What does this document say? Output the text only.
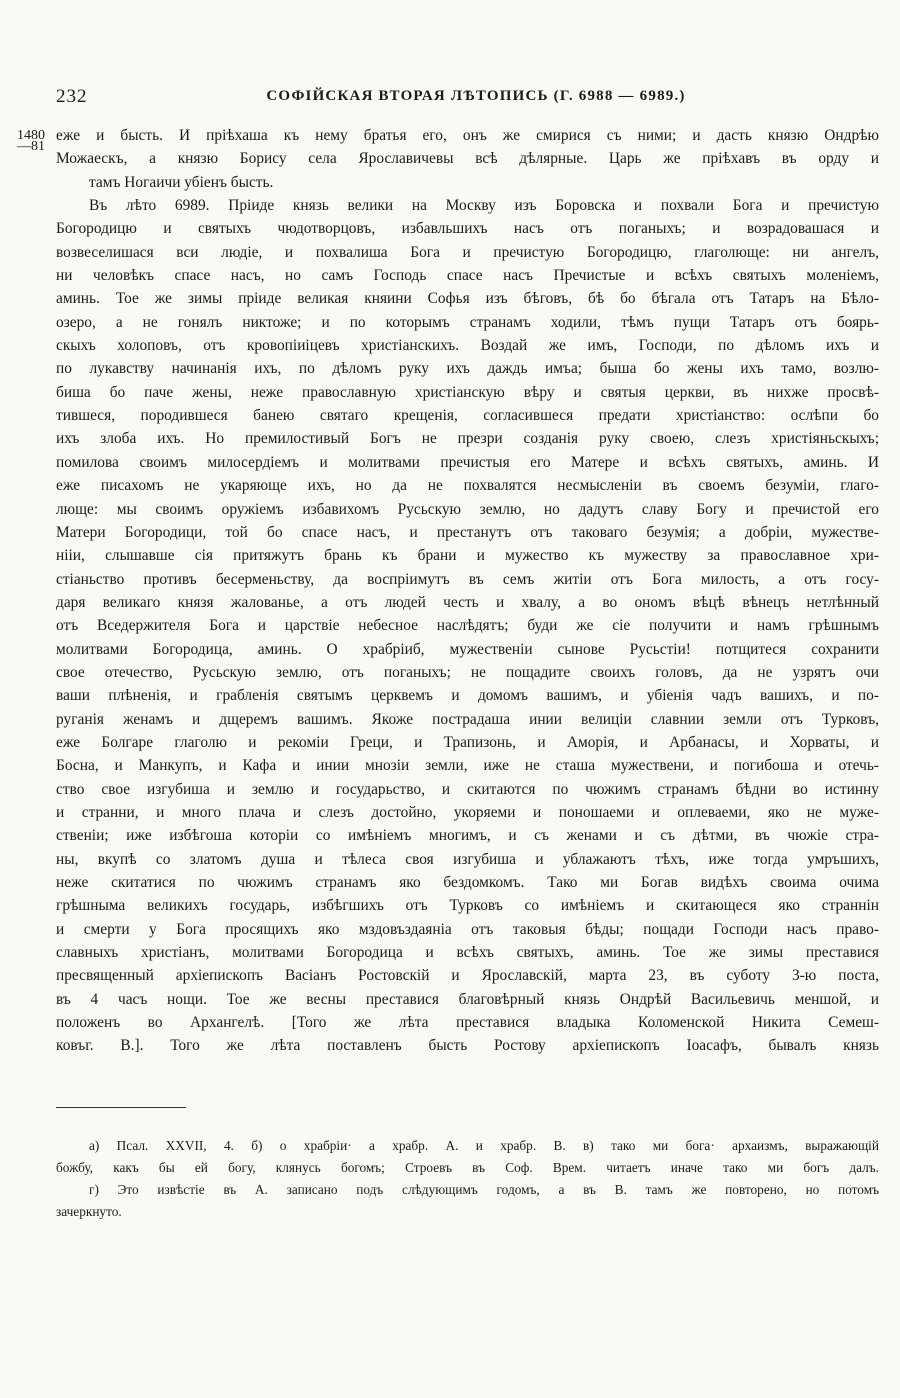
232	СОФІЙСКАЯ ВТОРАЯ ЛѢТОПИСЬ (Г. 6988 — 6989.)
1480 еже и бысть. И пріѣхаша къ нему братья его, онъ же смирися съ ними; и дасть князю Ондрѣю
—81
Можаескъ, а князю Борису села Ярославичевы всѣ дѣлярные. Царь же пріѣхавъ въ орду и
тамъ Ногаичи убіенъ бысть.
Въ лѣто 6989. Пріиде князь велики на Москву изъ Боровска и похвали Бога и пречистую
Богородицю и святыхъ чюдотворцовъ, избавльшихъ насъ отъ поганыхъ; и возрадовашася и
возвеселишася вси людіе, и похвалиша Бога и пречистую Богородицю, глаголюще: ни ангелъ,
ни человѣкъ спасе насъ, но самъ Господь спасе насъ Пречистые и всѣхъ святыхъ моленіемъ,
аминь. Тое же зимы пріиде великая княини Софья изъ бѣговъ, бѣ бо бѣгала отъ Татаръ на Бѣло-
озеро, а не гонялъ никтоже; и по которымъ странамъ ходили, тѣмъ пущи Татаръ отъ боярь-
скыхъ холоповъ, отъ кровопіиіцевъ христіанскихъ. Воздай же имъ, Господи, по дѣломъ ихъ и
по лукавству начинанія ихъ, по дѣломъ руку ихъ даждь имъа; быша бо жены ихъ тамо, возлю-
биша бо паче жены, неже православную христіанскую вѣру и святыя церкви, въ нихже просвѣ-
тившеся, породившеся банею святаго крещенія, согласившеся предати христіанство: ослѣпи бо
ихъ злоба ихъ. Но премилостивый Богъ не презри созданія руку своею, слезъ христіяньскыхъ;
помилова своимъ милосердіемъ и молитвами пречистыя его Матере и всѣхъ святыхъ, аминь. И
еже писахомъ не укаряюще ихъ, но да не похвалятся несмысленіи въ своемъ безуміи, глаго-
люще: мы своимъ оружіемъ избавихомъ Русьскую землю, но дадутъ славу Богу и пречистой его
Матери Богородици, той бо спасе насъ, и престанутъ отъ таковаго безумія; а добріи, мужестве-
нііи, слышавше сія притяжутъ брань къ брани и мужество къ мужеству за православное хри-
стіаньство противъ бесерменьству, да воспріимутъ въ семъ житіи отъ Бога милость, а отъ госу-
даря великаго князя жалованье, а отъ людей честь и хвалу, а во ономъ вѣцѣ вѣнецъ нетлѣнный
отъ Вседержителя Бога и царствіе небесное наслѣдятъ; буди же сіе получити и намъ грѣшнымъ
молитвами Богородица, аминь. О храбріиб, мужественіи сынове Русьстіи! потщитеся сохранити
свое отечество, Русьскую землю, отъ поганыхъ; не пощадите своихъ головъ, да не узрятъ очи
ваши плѣненія, и грабленія святымъ церквемъ и домомъ вашимъ, и убіенія чадъ вашихъ, и по-
руганія женамъ и дщеремъ вашимъ. Якоже пострадаша инии велиціи славнии земли отъ Турковъ,
еже Болгаре глаголю и рекоміи Греци, и Трапизонь, и Аморія, и Арбанасы, и Хорваты, и
Босна, и Манкупъ, и Кафа и инии мнозіи земли, иже не сташа мужествени, и погибоша и отечь-
ство свое изгубиша и землю и государьство, и скитаются по чюжимъ странамъ бѣдни во истинну
и странни, и много плача и слезъ достойно, укоряеми и поношаеми и оплеваеми, яко не муже-
ственіи; иже избѣгоша которіи со имѣніемъ многимъ, и съ женами и съ дѣтми, въ чюжіе стра-
ны, вкупѣ со златомъ душа и тѣлеса своя изгубиша и ублажаютъ тѣхъ, иже тогда умръшихъ,
неже скитатися по чюжимъ странамъ яко бездомкомъ. Тако ми Богав видѣхъ своима очима
грѣшныма великихъ государь, избѣгшихъ отъ Турковъ со имѣніемъ и скитающеся яко страннін
и смерти у Бога просящихъ яко мздовъздаяніа отъ таковыя бѣды; пощади Господи насъ право-
славныхъ христіанъ, молитвами Богородица и всѣхъ святыхъ, аминь. Тое же зимы преставися
пресвященный архіепископъ Васіанъ Ростовскій и Ярославскій, марта 23, въ суботу 3-ю поста,
въ 4 часъ нощи. Тое же весны преставися благовѣрный князь Ондрѣй Васильевичь меншой, и
положенъ во Архангелѣ. [Того же лѣта преставися владыка Коломенской Никита Семеш-
ковъг. В.]. Того же лѣта поставленъ бысть Ростову архіепископъ Іоасафъ, бывалъ князь
а) Псал. XXVII, 4. б) о храбріи· а храбр. А. и храбр. В. в) тако ми бога· архаизмъ, выражающій
божбу, какъ бы ей богу, клянусь богомъ; Строевъ въ Соф. Врем. читаетъ иначе тако ми богъ далъ.
г) Это извѣстіе въ А. записано подъ слѣдующимъ годомъ, а въ В. тамъ же повторено, но потомъ
зачеркнуто.
